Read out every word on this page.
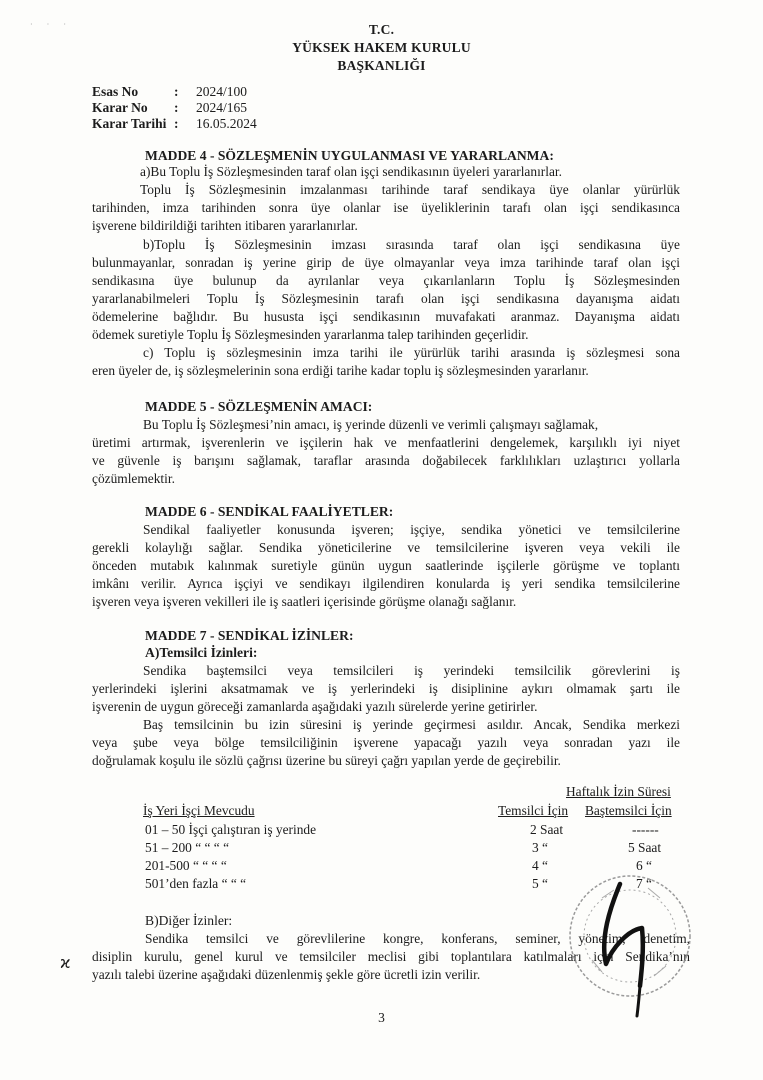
· · ·	T.C.
YÜKSEK HAKEM KURULU
BAŞKANLIĞI
Esas No	: 2024/100
Karar No : 2024/165
Karar Tarihi : 16.05.2024
MADDE 4 - SÖZLEŞMENİN UYGULANMASI VE YARARLANMA:
a)Bu Toplu İş Sözleşmesinden taraf olan işçi sendikasının üyeleri yararlanırlar.
Toplu İş Sözleşmesinin imzalanması tarihinde taraf sendikaya üye olanlar yürürlük
tarihinden, imza tarihinden sonra üye olanlar ise üyeliklerinin tarafı olan işçi sendikasınca
işverene bildirildiği tarihten itibaren yararlanırlar.
b)Toplu İş Sözleşmesinin imzası sırasında taraf olan işçi sendikasına üye
bulunmayanlar, sonradan iş yerine girip de üye olmayanlar veya imza tarihinde taraf olan işçi
sendikasına üye bulunup da ayrılanlar veya çıkarılanların Toplu İş Sözleşmesinden
yararlanabilmeleri Toplu İş Sözleşmesinin tarafı olan işçi sendikasına dayanışma aidatı
ödemelerine bağlıdır. Bu hususta işçi sendikasının muvafakati aranmaz. Dayanışma aidatı
ödemek suretiyle Toplu İş Sözleşmesinden yararlanma talep tarihinden geçerlidir.
c) Toplu iş sözleşmesinin imza tarihi ile yürürlük tarihi arasında iş sözleşmesi sona
eren üyeler de, iş sözleşmelerinin sona erdiği tarihe kadar toplu iş sözleşmesinden yararlanır.
MADDE 5 - SÖZLEŞMENİN AMACI:
Bu Toplu İş Sözleşmesi’nin amacı, iş yerinde düzenli ve verimli çalışmayı sağlamak,
üretimi artırmak, işverenlerin ve işçilerin hak ve menfaatlerini dengelemek, karşılıklı iyi niyet
ve güvenle iş barışını sağlamak, taraflar arasında doğabilecek farklılıkları uzlaştırıcı yollarla
çözümlemektir.
MADDE 6 - SENDİKAL FAALİYETLER:
Sendikal faaliyetler konusunda işveren; işçiye, sendika yönetici ve temsilcilerine
gerekli kolaylığı sağlar. Sendika yöneticilerine ve temsilcilerine işveren veya vekili ile
önceden mutabık kalınmak suretiyle günün uygun saatlerinde işçilerle görüşme ve toplantı
imkânı verilir. Ayrıca işçiyi ve sendikayı ilgilendiren konularda iş yeri sendika temsilcilerine
işveren veya işveren vekilleri ile iş saatleri içerisinde görüşme olanağı sağlanır.
MADDE 7 - SENDİKAL İZİNLER:
A)Temsilci İzinleri:
Sendika baştemsilci veya temsilcileri iş yerindeki temsilcilik görevlerini iş
yerlerindeki işlerini aksatmamak ve iş yerlerindeki iş disiplinine aykırı olmamak şartı ile
işverenin de uygun göreceği zamanlarda aşağıdaki yazılı sürelerde yerine getirirler.
Baş temsilcinin bu izin süresini iş yerinde geçirmesi asıldır. Ancak, Sendika merkezi
veya şube veya bölge temsilciliğinin işverene yapacağı yazılı veya sonradan yazı ile
doğrulamak koşulu ile sözlü çağrısı üzerine bu süreyi çağrı yapılan yerde de geçirebilir.
Haftalık İzin Süresi
İş Yeri İşçi Mevcudu	Temsilci İçin Baştemsilci İçin
01 – 50 İşçi çalıştıran iş yerinde	2 Saat	------
51 – 200 “ “ “ “	3 “	5 Saat
201-500 “ “ “ “	4 “	6 “
501’den fazla “ “ “	5 “	7 “
B)Diğer İzinler:
Sendika temsilci ve görevlilerine kongre, konferans, seminer, yönetim, denetim,
disiplin kurulu, genel kurul ve temsilciler meclisi gibi toplantılara katılmaları için Sendika’nın
yazılı talebi üzerine aşağıdaki düzenlenmiş şekle göre ücretli izin verilir.
ϰ
3
